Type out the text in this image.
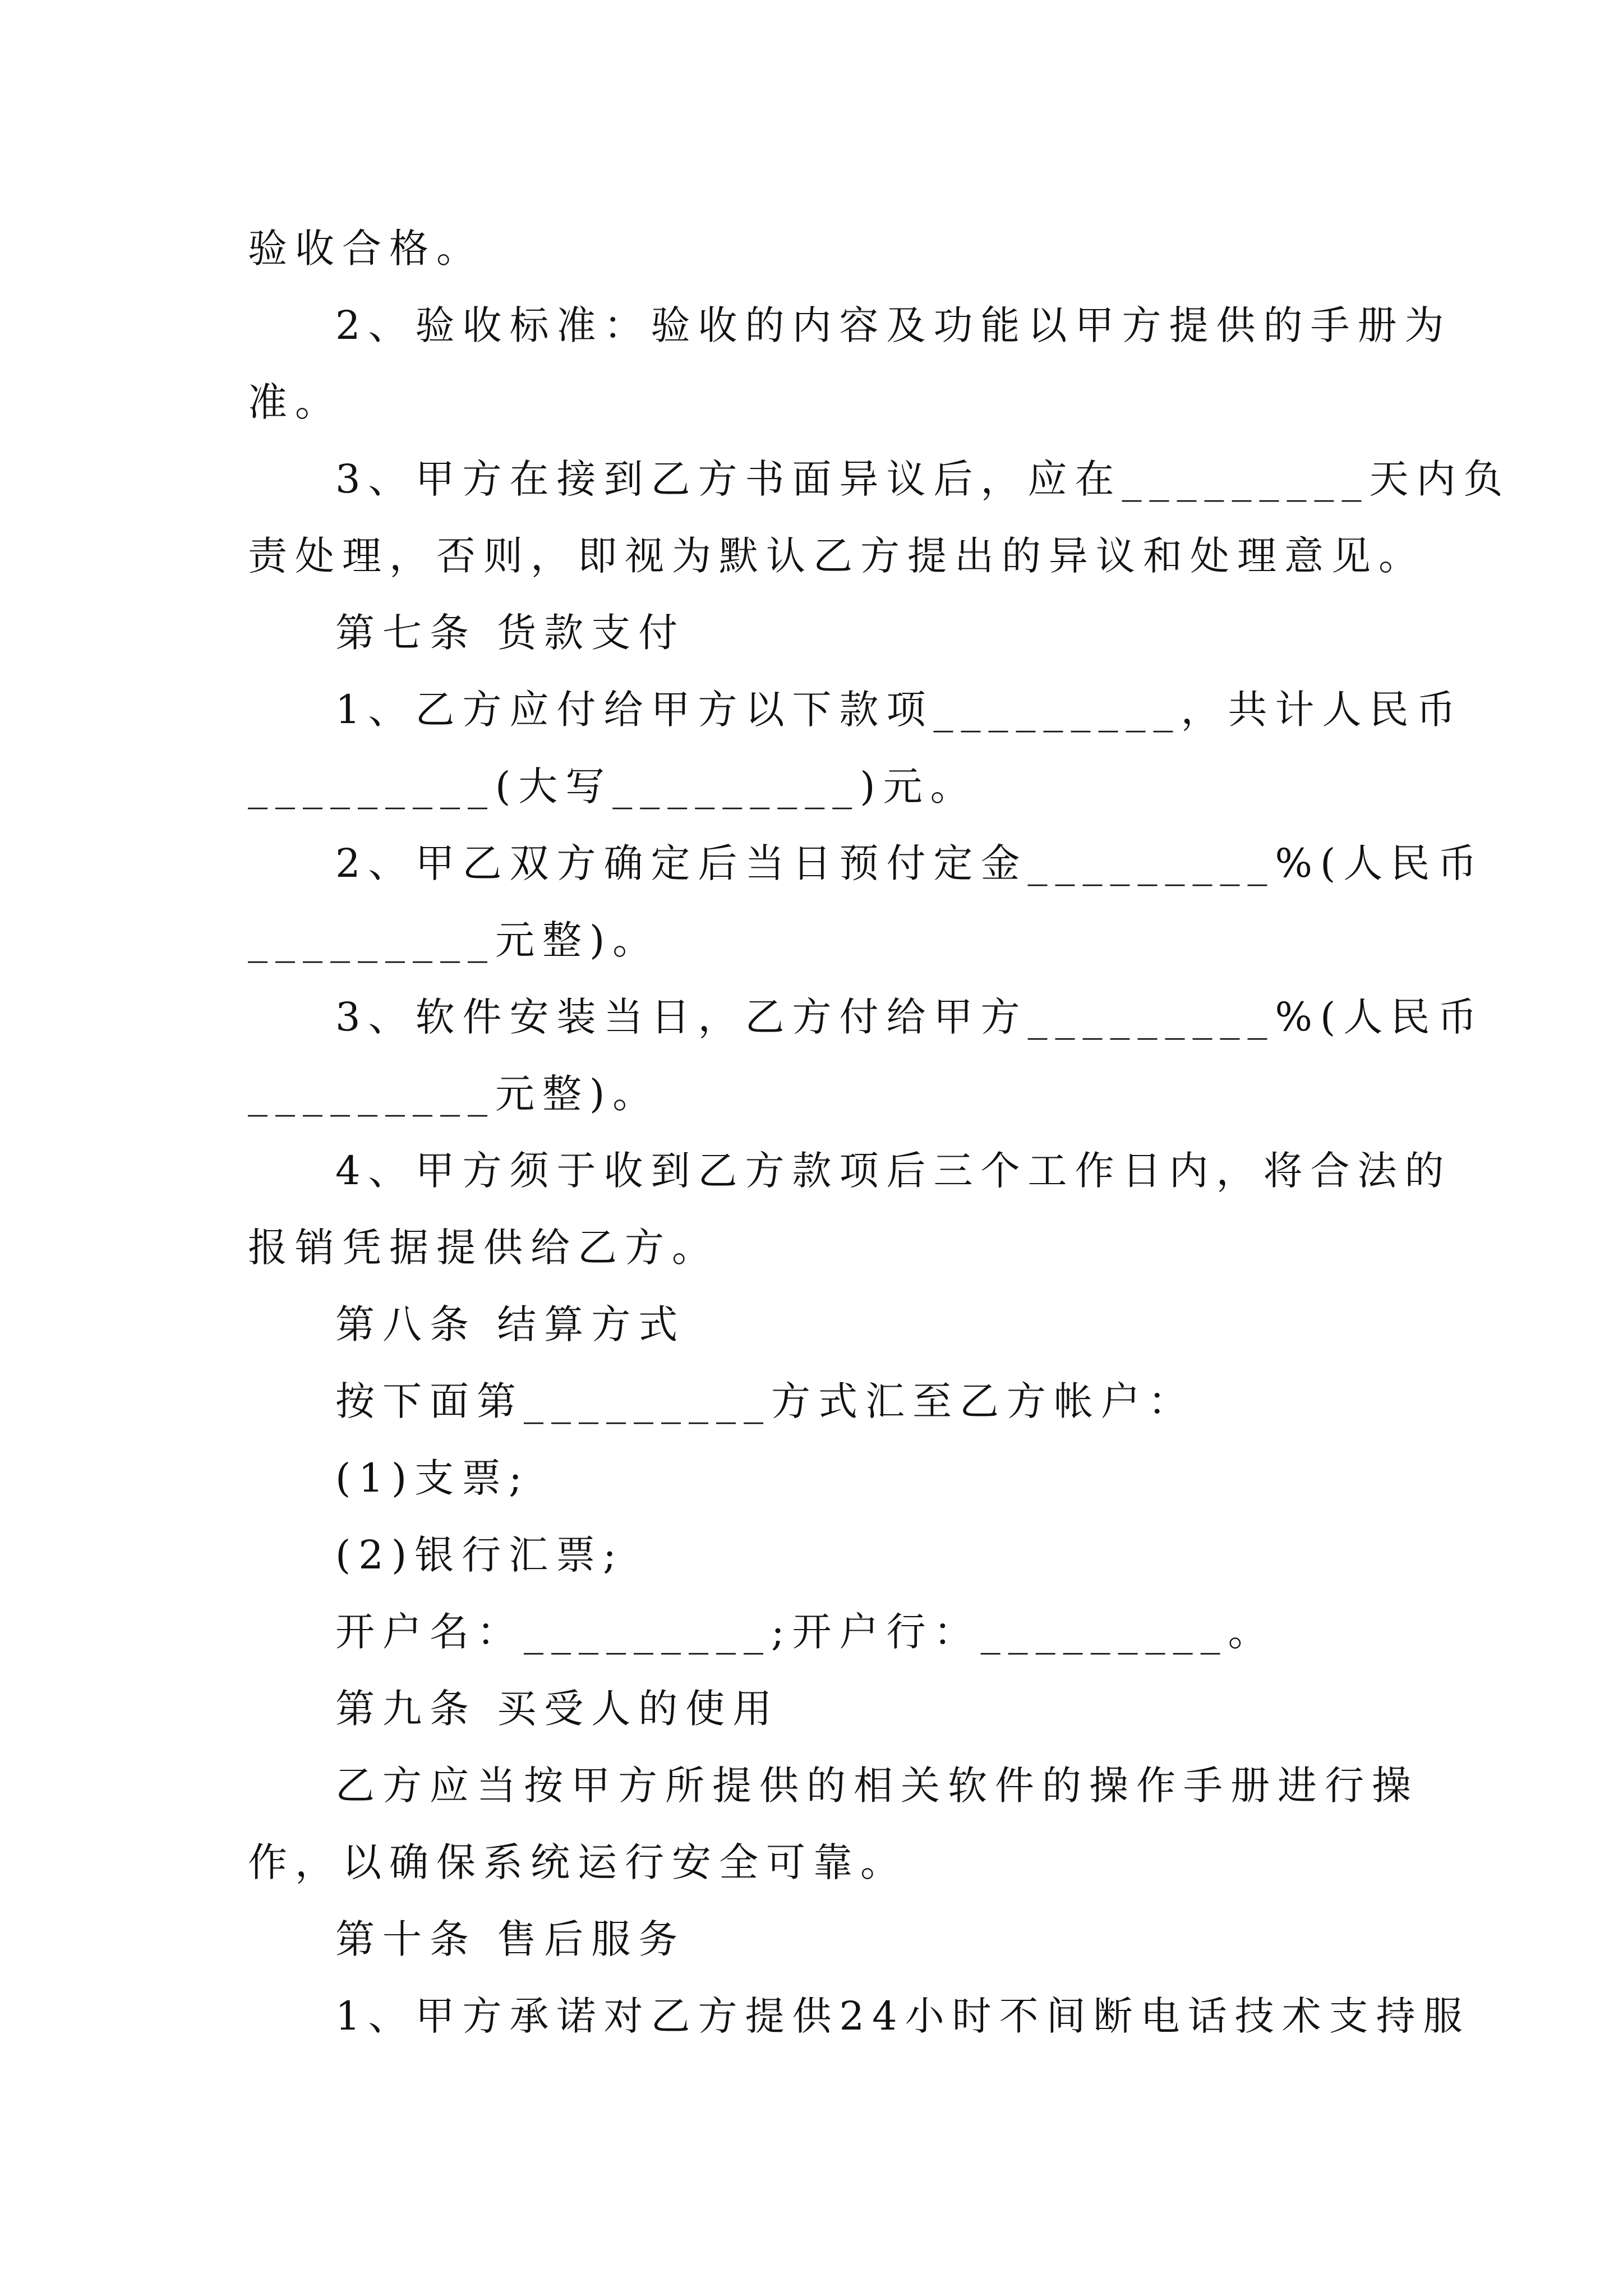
验收合格。
2、验收标准：验收的内容及功能以甲方提供的手册为
准。
3、甲方在接到乙方书面异议后，应在_________天内负
责处理，否则，即视为默认乙方提出的异议和处理意见。
第七条 货款支付
1、乙方应付给甲方以下款项_________，共计人民币
_________(大写_________)元。
2、甲乙双方确定后当日预付定金_________%(人民币
_________元整)。
3、软件安装当日，乙方付给甲方_________%(人民币
_________元整)。
4、甲方须于收到乙方款项后三个工作日内，将合法的
报销凭据提供给乙方。
第八条 结算方式
按下面第_________方式汇至乙方帐户：
(1)支票;
(2)银行汇票;
开户名：_________;开户行：_________。
第九条 买受人的使用
乙方应当按甲方所提供的相关软件的操作手册进行操
作，以确保系统运行安全可靠。
第十条 售后服务
1、甲方承诺对乙方提供24小时不间断电话技术支持服
